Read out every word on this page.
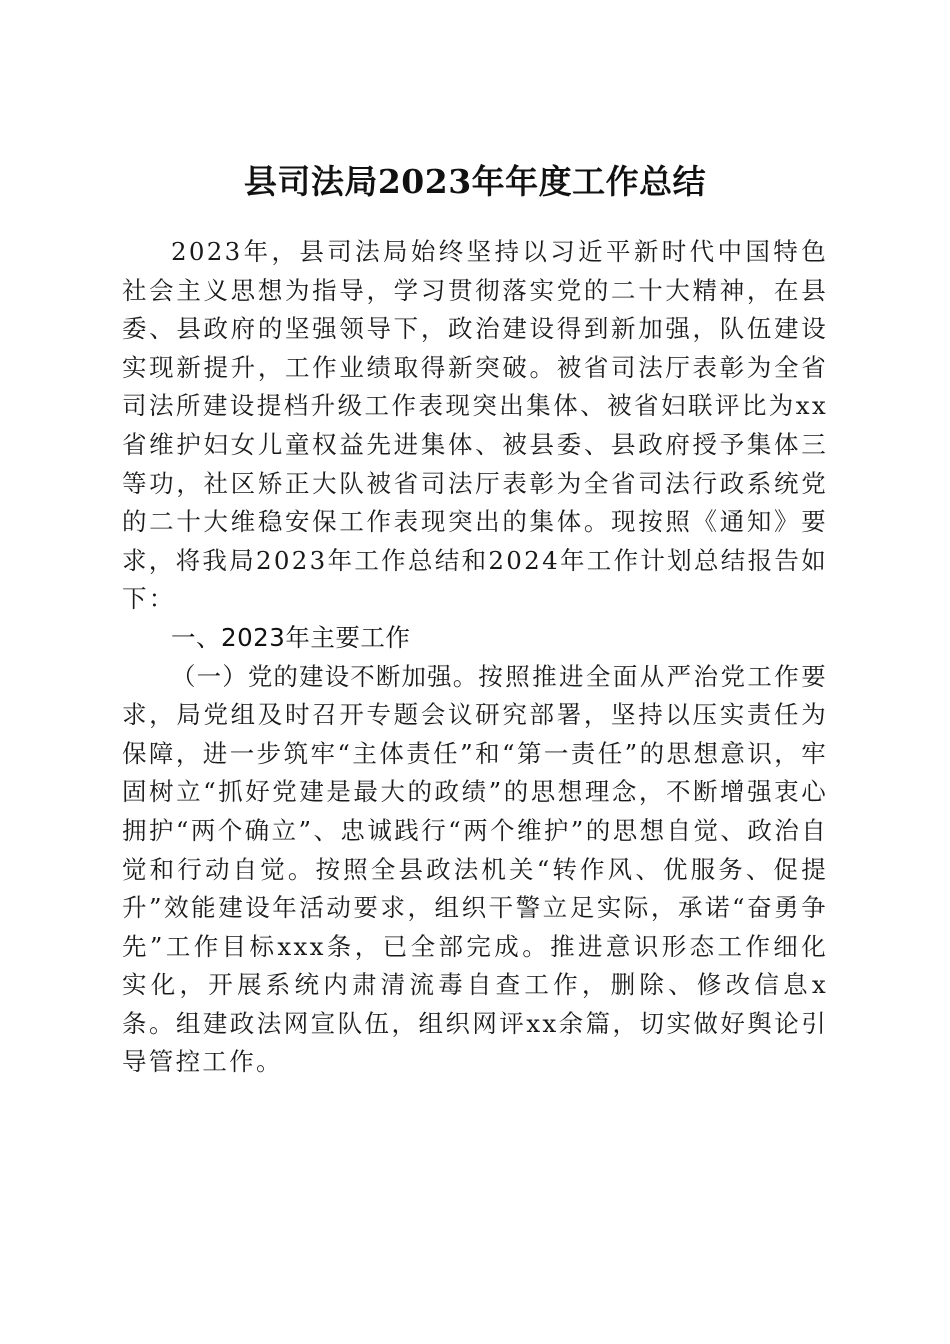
县司法局2023年年度工作总结

2023年，县司法局始终坚持以习近平新时代中国特色社会主义思想为指导，学习贯彻落实党的二十大精神，在县委、县政府的坚强领导下，政治建设得到新加强，队伍建设实现新提升，工作业绩取得新突破。被省司法厅表彰为全省司法所建设提档升级工作表现突出集体、被省妇联评比为xx省维护妇女儿童权益先进集体、被县委、县政府授予集体三等功，社区矫正大队被省司法厅表彰为全省司法行政系统党的二十大维稳安保工作表现突出的集体。现按照《通知》要求，将我局2023年工作总结和2024年工作计划总结报告如下：

一、2023年主要工作

（一）党的建设不断加强。按照推进全面从严治党工作要求，局党组及时召开专题会议研究部署，坚持以压实责任为保障，进一步筑牢“主体责任”和“第一责任”的思想意识，牢固树立“抓好党建是最大的政绩”的思想理念，不断增强衷心拥护“两个确立”、忠诚践行“两个维护”的思想自觉、政治自觉和行动自觉。按照全县政法机关“转作风、优服务、促提升”效能建设年活动要求，组织干警立足实际，承诺“奋勇争先”工作目标xxx条，已全部完成。推进意识形态工作细化实化，开展系统内肃清流毒自查工作，删除、修改信息x条。组建政法网宣队伍，组织网评xx余篇，切实做好舆论引导管控工作。
